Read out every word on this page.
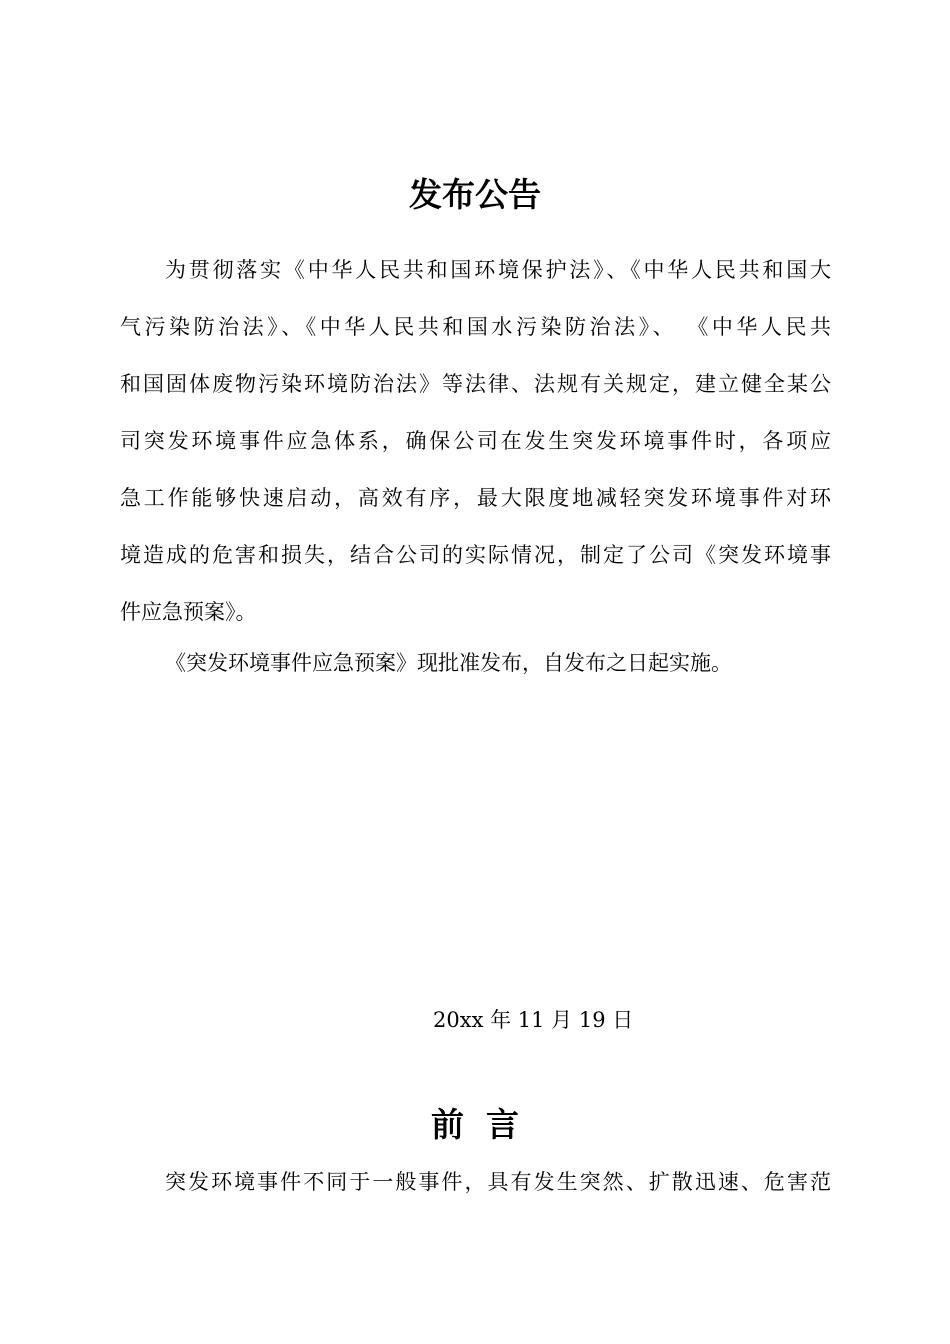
发布公告
为贯彻落实《中华人民共和国环境保护法》、《中华人民共和国大
气污染防治法》、《中华人民共和国水污染防治法》、 《中华人民共
和国固体废物污染环境防治法》等法律、法规有关规定，建立健全某公
司突发环境事件应急体系，确保公司在发生突发环境事件时，各项应
急工作能够快速启动，高效有序，最大限度地减轻突发环境事件对环
境造成的危害和损失，结合公司的实际情况，制定了公司《突发环境事
件应急预案》。
《突发环境事件应急预案》现批准发布，自发布之日起实施。
20xx 年 11 月 19 日
前 言
突发环境事件不同于一般事件，具有发生突然、扩散迅速、危害范
